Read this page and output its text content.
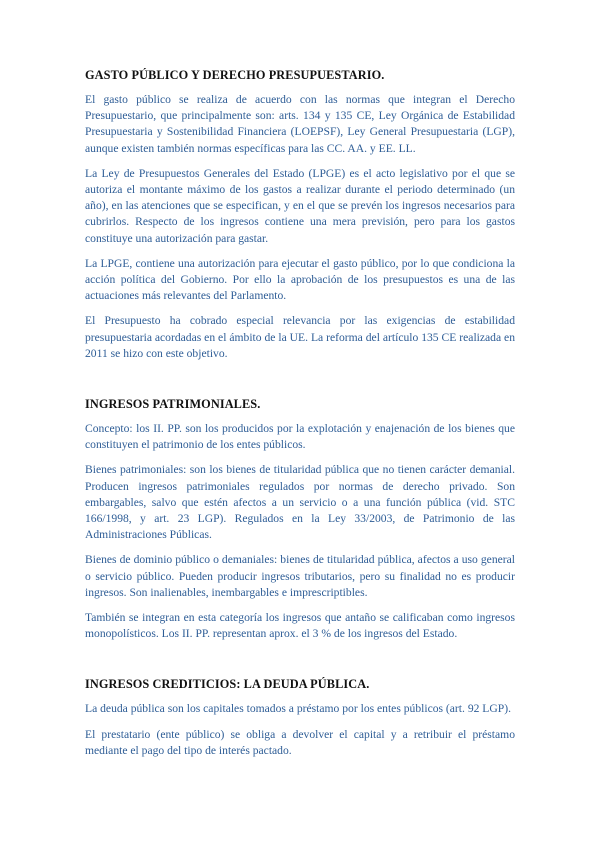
GASTO PÚBLICO Y DERECHO PRESUPUESTARIO.

El gasto público se realiza de acuerdo con las normas que integran el Derecho Presupuestario, que principalmente son: arts. 134 y 135 CE, Ley Orgánica de Estabilidad Presupuestaria y Sostenibilidad Financiera (LOEPSF), Ley General Presupuestaria (LGP), aunque existen también normas específicas para las CC. AA. y EE. LL.

La Ley de Presupuestos Generales del Estado (LPGE) es el acto legislativo por el que se autoriza el montante máximo de los gastos a realizar durante el periodo determinado (un año), en las atenciones que se especifican, y en el que se prevén los ingresos necesarios para cubrirlos. Respecto de los ingresos contiene una mera previsión, pero para los gastos constituye una autorización para gastar.

La LPGE, contiene una autorización para ejecutar el gasto público, por lo que condiciona la acción política del Gobierno. Por ello la aprobación de los presupuestos es una de las actuaciones más relevantes del Parlamento.

El Presupuesto ha cobrado especial relevancia por las exigencias de estabilidad presupuestaria acordadas en el ámbito de la UE. La reforma del artículo 135 CE realizada en 2011 se hizo con este objetivo.

INGRESOS PATRIMONIALES.

Concepto: los II. PP. son los producidos por la explotación y enajenación de los bienes que constituyen el patrimonio de los entes públicos.

Bienes patrimoniales: son los bienes de titularidad pública que no tienen carácter demanial. Producen ingresos patrimoniales regulados por normas de derecho privado. Son embargables, salvo que estén afectos a un servicio o a una función pública (vid. STC 166/1998, y art. 23 LGP). Regulados en la Ley 33/2003, de Patrimonio de las Administraciones Públicas.

Bienes de dominio público o demaniales: bienes de titularidad pública, afectos a uso general o servicio público. Pueden producir ingresos tributarios, pero su finalidad no es producir ingresos. Son inalienables, inembargables e imprescriptibles.

También se integran en esta categoría los ingresos que antaño se calificaban como ingresos monopolísticos. Los II. PP. representan aprox. el 3 % de los ingresos del Estado.

INGRESOS CREDITICIOS: LA DEUDA PÚBLICA.

La deuda pública son los capitales tomados a préstamo por los entes públicos (art. 92 LGP).

El prestatario (ente público) se obliga a devolver el capital y a retribuir el préstamo mediante el pago del tipo de interés pactado.
